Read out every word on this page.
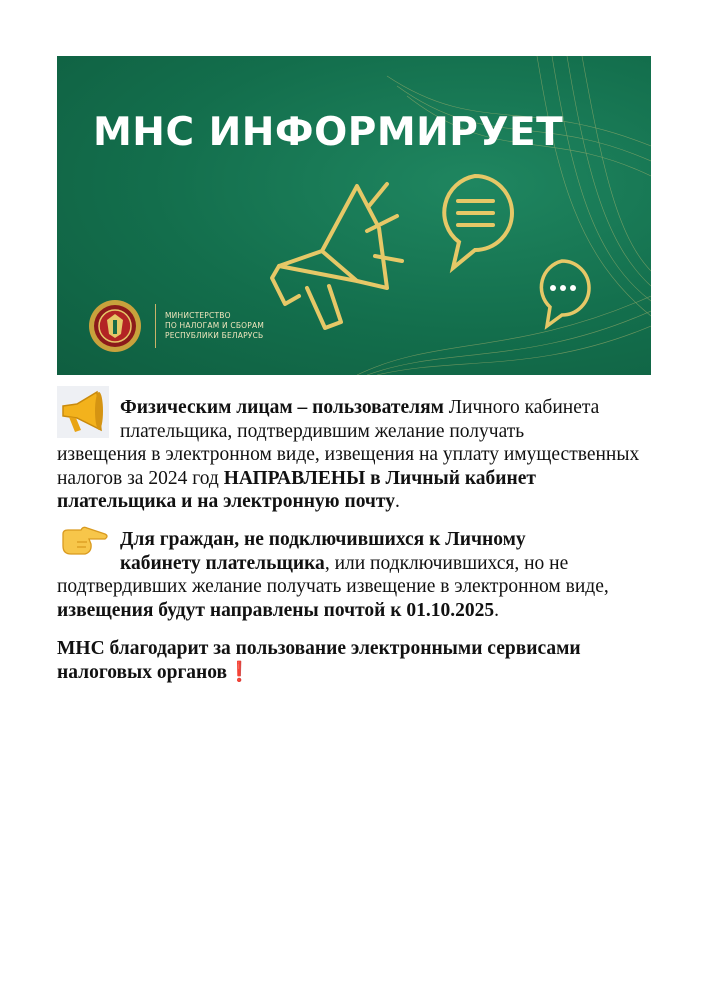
МНС ИНФОРМИРУЕТ
МИНИСТЕРСТВО
ПО НАЛОГАМ И СБОРАМ
РЕСПУБЛИКИ БЕЛАРУСЬ
Физическим лицам – пользователям Личного кабинета
плательщика, подтвердившим желание получать
извещения в электронном виде, извещения на уплату имущественных налогов за 2024 год НАПРАВЛЕНЫ в Личный кабинет плательщика и на электронную почту.
Для граждан, не подключившихся к Личному
кабинету плательщика, или подключившихся, но не
подтвердивших желание получать извещение в электронном виде, извещения будут направлены почтой к 01.10.2025.
МНС благодарит за пользование электронными сервисами налоговых органов❗
